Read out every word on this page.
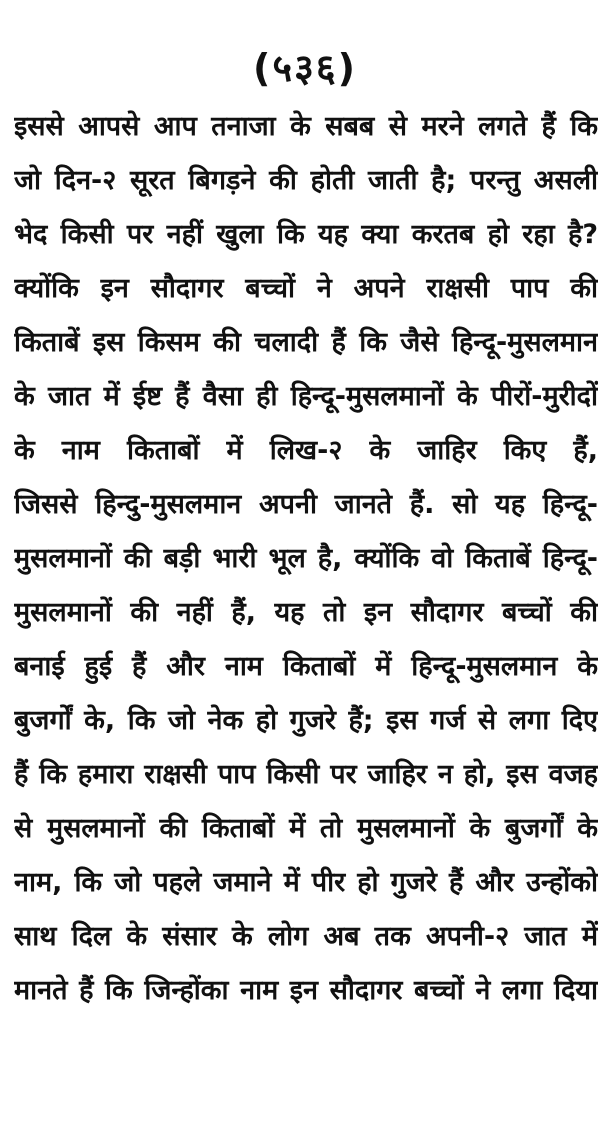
(५३६)
इससे आपसे आप तनाजा के सबब से मरने लगते हैं कि
जो दिन-२ सूरत बिगड़ने की होती जाती है; परन्तु असली
भेद किसी पर नहीं खुला कि यह क्या करतब हो रहा है?
क्योंकि इन सौदागर बच्चों ने अपने राक्षसी पाप की
किताबें इस किसम की चलादी हैं कि जैसे हिन्दू-मुसलमान
के जात में ईष्ट हैं वैसा ही हिन्दू-मुसलमानों के पीरों-मुरीदों
के नाम किताबों में लिख-२ के जाहिर किए हैं,
जिससे हिन्दु-मुसलमान अपनी जानते हैं. सो यह हिन्दू-
मुसलमानों की बड़ी भारी भूल है, क्योंकि वो किताबें हिन्दू-
मुसलमानों की नहीं हैं, यह तो इन सौदागर बच्चों की
बनाई हुई हैं और नाम किताबों में हिन्दू-मुसलमान के
बुजर्गों के, कि जो नेक हो गुजरे हैं; इस गर्ज से लगा दिए
हैं कि हमारा राक्षसी पाप किसी पर जाहिर न हो, इस वजह
से मुसलमानों की किताबों में तो मुसलमानों के बुजर्गों के
नाम, कि जो पहले जमाने में पीर हो गुजरे हैं और उन्होंको
साथ दिल के संसार के लोग अब तक अपनी-२ जात में
मानते हैं कि जिन्होंका नाम इन सौदागर बच्चों ने लगा दिया
